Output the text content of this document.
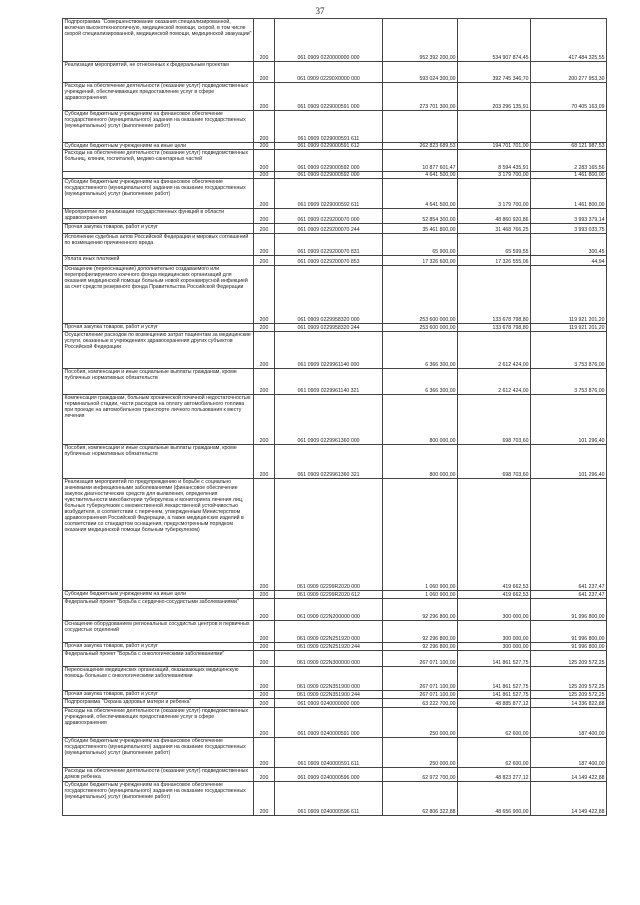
37
Подпрограмма "Совершенствование оказания специализированной, включая высокотехнологичную, медицинской помощи, скорой, в том числе скорой специализированной, медицинской помощи, медицинской эвакуации"	200	061 0909 0220000000 000	952 392 200,00	534 907 874,45	417 484 325,55
Реализация мероприятий, не отнесенных к федеральным проектам	200	061 0909 02290Х0000 000	593 024 300,00	392 745 346,70	200 277 953,30
Расходы на обеспечение деятельности (оказание услуг) подведомственных учреждений, обеспечивающих предоставление услуг в сфере здравоохранения	200	061 0909 0229000591 000	273 701 300,00	203 296 135,91	70 405 163,09
Субсидии бюджетным учреждениям на финансовое обеспечение государственного (муниципального) задания на оказание государственных (муниципальных) услуг (выполнение работ)	200	061 0909 0229000591 611			
Субсидии бюджетным учреждениям на иные цели	200	061 0909 0229000591 612	262 823 689,53	194 701 701,00	68 121 987,53
Расходы на обеспечение деятельности (оказание услуг) подведомственных больниц, клиник, госпиталей, медико-санитарных частей	200	061 0909 0229000592 000	10 877 601,47	8 594 435,91	2 283 165,56
	200	061 0909 0229000592 000	4 641 500,00	3 179 700,00	1 461 800,00
Субсидии бюджетным учреждениям на финансовое обеспечение государственного (муниципального) задания на оказание государственных (муниципальных) услуг (выполнение работ)	200	061 0909 0229000592 611	4 641 500,00	3 179 700,00	1 461 800,00
Мероприятие по реализации государственных функций в области здравоохранения	200	061 0909 0229200070 000	52 854 300,00	48 860 920,86	3 993 379,14
Прочая закупка товаров, работ и услуг	200	061 0909 0229200070 244	35 461 800,00	31 468 766,25	3 993 033,75
Исполнение судебных актов Российской Федерации и мировых соглашений по возмещению причиненного вреда	200	061 0909 0229200070 831	65 900,00	65 599,55	300,45
Уплата иных платежей	200	061 0909 0229200070 853	17 326 600,00	17 326 555,06	44,94
Оснащение (переоснащение) дополнительно создаваемого или перепрофилируемого коечного фонда медицинских организаций для оказания медицинской помощи больным новой коронавирусной инфекцией за счет средств резервного фонда Правительства Российской Федерации	200	061 0909 0229958320 000	253 600 000,00	133 678 798,80	119 921 201,20
Прочая закупка товаров, работ и услуг	200	061 0909 0229958320 244	253 600 000,00	133 678 798,80	119 921 201,20
Осуществление расходов по возмещению затрат пациентам за медицинские услуги, оказанные в учреждениях здравоохранения других субъектов Российской Федерации	200	061 0909 0229961140 000	6 366 300,00	2 612 424,00	3 753 876,00
Пособия, компенсации и иные социальные выплаты гражданам, кроме публичных нормативных обязательств	200	061 0909 0229961140 321	6 366 300,00	2 612 424,00	3 753 876,00
Компенсация гражданам, больным хронической почечной недостаточностью терминальной стадии, части расходов на оплату автомобильного топлива при проезде на автомобильном транспорте личного пользования к месту лечения	200	061 0909 0229961360 000	800 000,00	698 703,60	101 296,40
Пособия, компенсации и иные социальные выплаты гражданам, кроме публичных нормативных обязательств	200	061 0909 0229961360 321	800 000,00	698 703,60	101 296,40
Реализация мероприятий по предупреждению и борьбе с социально значимыми инфекционными заболеваниями (финансовое обеспечение закупок диагностических средств для выявления, определения чувствительности микобактерии туберкулеза и мониторинга лечения лиц, больных туберкулезом с множественной лекарственной устойчивостью возбудителя, в соответствии с перечнем, утвержденным Министерством здравоохранения Российской Федерации, а также медицинских изделий в соответствии со стандартом оснащения, предусмотренным порядком оказания медицинской помощи больным туберкулезом)	200	061 0909 02299R2020 000	1 060 900,00	419 662,53	641 237,47
Субсидии бюджетным учреждениям на иные цели	200	061 0909 02299R2020 612	1 060 900,00	419 662,53	641 237,47
Федеральный проект "Борьба с сердечно-сосудистыми заболеваниями"	200	061 0909 022N200000 000	92 296 800,00	300 000,00	91 996 800,00
Оснащение оборудованием региональных сосудистых центров и первичных сосудистых отделений	200	061 0909 022N251920 000	92 296 800,00	300 000,00	91 996 800,00
Прочая закупка товаров, работ и услуг	200	061 0909 022N251920 244	92 296 800,00	300 000,00	91 996 800,00
Федеральный проект "Борьба с онкологическими заболеваниями"	200	061 0909 022N300000 000	267 071 100,00	141 861 527,75	125 209 572,25
Переоснащение медицинских организаций, оказывающих медицинскую помощь больным с онкологическими заболеваниями	200	061 0909 022N351900 000	267 071 100,00	141 861 527,75	125 209 572,25
Прочая закупка товаров, работ и услуг	200	061 0909 022N351900 244	267 071 100,00	141 861 527,75	125 209 572,25
Подпрограмма "Охрана здоровья матери и ребенка"	200	061 0909 0240000000 000	63 222 700,00	48 885 877,12	14 336 822,88
Расходы на обеспечение деятельности (оказание услуг) подведомственных учреждений, обеспечивающих предоставление услуг в сфере здравоохранения	200	061 0909 0240000591 000	250 000,00	62 600,00	187 400,00
Субсидии бюджетным учреждениям на финансовое обеспечение государственного (муниципального) задания на оказание государственных (муниципальных) услуг (выполнение работ)	200	061 0909 0240000591 611	250 000,00	62 600,00	187 400,00
Расходы на обеспечение деятельности (оказание услуг) подведомственных домов ребенка	200	061 0909 0240000596 000	62 972 700,00	48 823 277,12	14 149 422,88
Субсидии бюджетным учреждениям на финансовое обеспечение государственного (муниципального) задания на оказание государственных (муниципальных) услуг (выполнение работ)	200	061 0909 0240000596 611	62 806 322,88	48 656 900,00	14 149 422,88
